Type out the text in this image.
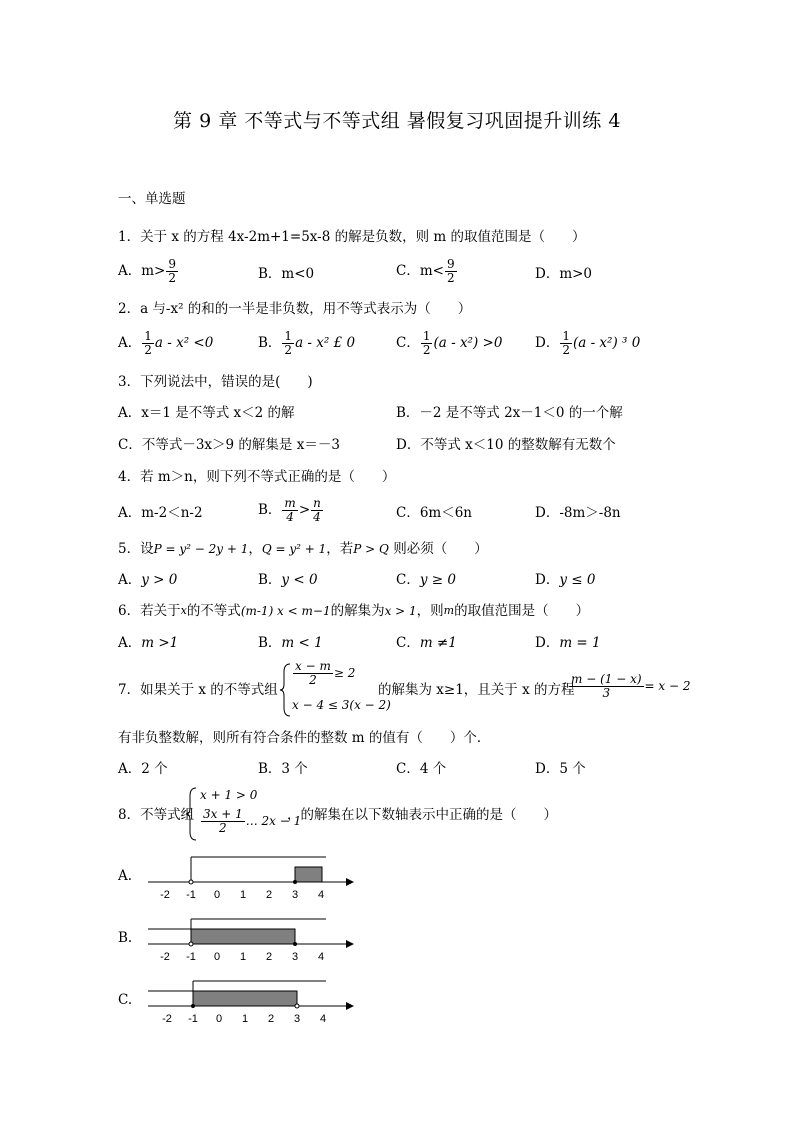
第 9 章 不等式与不等式组 暑假复习巩固提升训练 4
一、单选题
1．关于 x 的方程 4x-2m+1=5x-8 的解是负数，则 m 的取值范围是（　　）
A．$m> \frac{9}{2}$	B．m<0	C．$m< \frac{9}{2}$	D．m>0
2．a 与-x² 的和的一半是非负数，用不等式表示为（　　）
A． $\frac{1}{2}$ a - x² <0	B． $\frac{1}{2}$ a - x² £ 0	C． $\frac{1}{2} (a - x^2) >0$ D． $\frac{1}{2} (a - x^2)$ ³ 0
3．下列说法中，错误的是(　　)
A．x＝1 是不等式 x＜2 的解	B．－2 是不等式 2x－1＜0 的一个解
C．不等式－3x＞9 的解集是 x＝－3	D．不等式 x＜10 的整数解有无数个
4．若 m＞n，则下列不等式正确的是（　　）
A．m-2＜n-2	B． $\frac{m}{4} > \frac{n}{4}$	C．6m＜6n	D．-8m＞-8n
5．设P = y² − 2y + 1，Q = y² + 1，若P > Q 则必须（　　）
A．y > 0	B．y < 0	C．y ≥ 0	D．y ≤ 0
6．若关于$^x$的不等式(m-1) x < m−1的解集为x > 1，则$^m$的取值范围是（　　）
A．m >1	B．m < 1	C．m ≠1	D．m = 1
7．如果关于 x 的不等式组
$\frac{x - m}{2} \ge 2$
x − 4 ≤ 3(x − 2)
的解集为 x≥1，且关于 x 的方程
$\frac{m - (1 - x)}{3} = x - 2$
有非负整数解，则所有符合条件的整数 m 的值有（　　）个．
A．2 个	B．3 个	C．4 个	D．5 个
8．不等式组
x + 1 > 0
$\frac{3x + 1}{2}$ … 2x − 1
，的解集在以下数轴表示中正确的是（　　）
A.
-2 -1 0 1 2 3 4
B.
-2 -1 0 1 2 3 4
C.
-2 -1 0 1 2 3 4
